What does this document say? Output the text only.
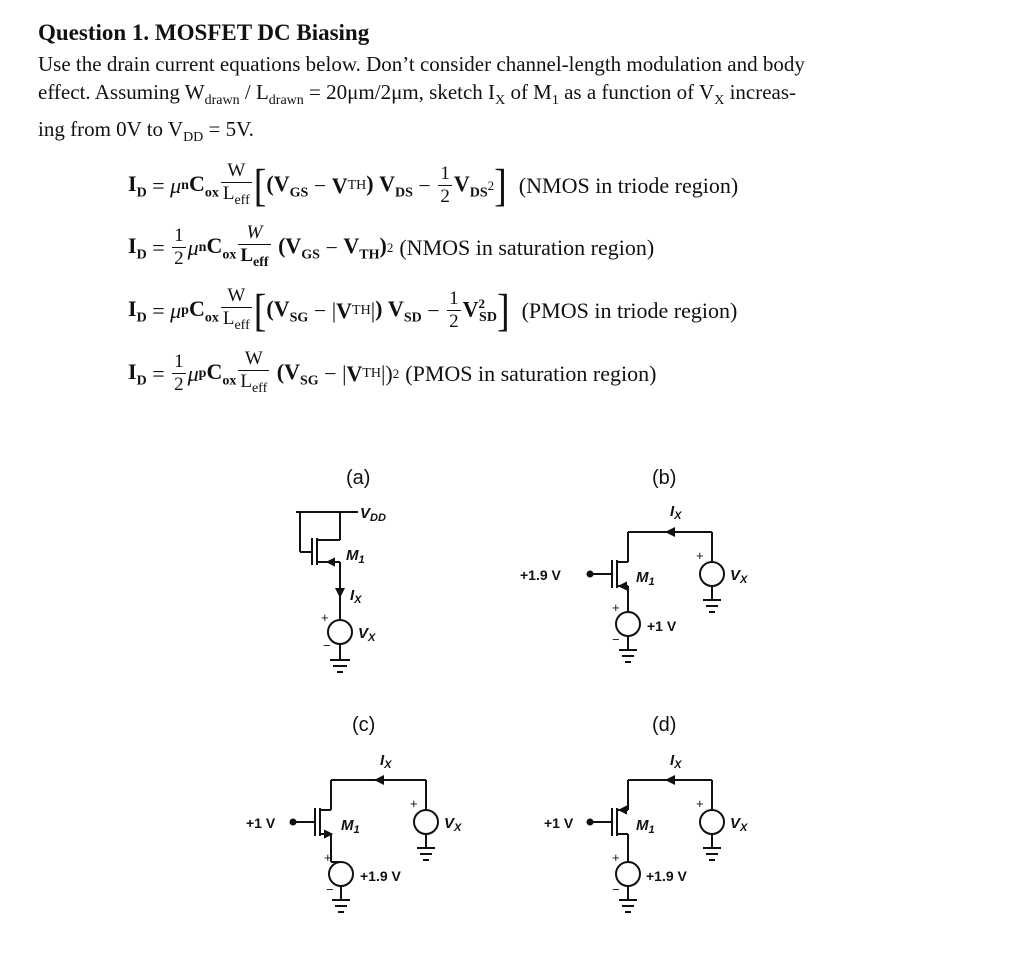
Question 1. MOSFET DC Biasing
Use the drain current equations below. Don’t consider channel-length modulation and body
effect. Assuming $W_{drawn} / L_{drawn} = 20\mu m/2\mu m$, sketch $I_X$ of $M_1$ as a function of $V_X$ increas-
ing from 0V to $V_{DD} = 5V$.
$I_D = \mu$ n $C_{ox} \frac{W}{L_{eff}}$ [ ($V_{GS} - V$ TH ) $V_{DS} - \frac{1}{2} V_{DS}$ 2 ] (NMOS in triode region)
$I_D = \frac{1}{2}$ μ n $C_{ox} \frac{W}{L_{eff}}$
$(V_{GS} - V_{TH})$ 2 (NMOS in saturation region)
$I_D = \mu$ p $C_{ox} \frac{W}{L_{eff}}$ [ ($V_{SG}$ − | V TH | ) $V_{SD} - \frac{1}{2} V^2_{SD}$ ] (PMOS in triode region)
$I_D = \frac{1}{2}$ μ p $C_{ox} \frac{W}{L_{eff}}$
($V_{SG}$ − | V TH |) 2 (PMOS in saturation region)
(a)
$V_{DD}$
$M_1$
$I_X$
$V_X$
+
−
(b)
+1.9 V
+1 V
$M_1$
$I_X$
$V_X$
+
+
−
(c)
+1 V
+1.9 V
$M_1$
$I_X$
$V_X$
+
+
−
(d)
+1 V
+1.9 V
$M_1$
$I_X$
$V_X$
+
+
−
